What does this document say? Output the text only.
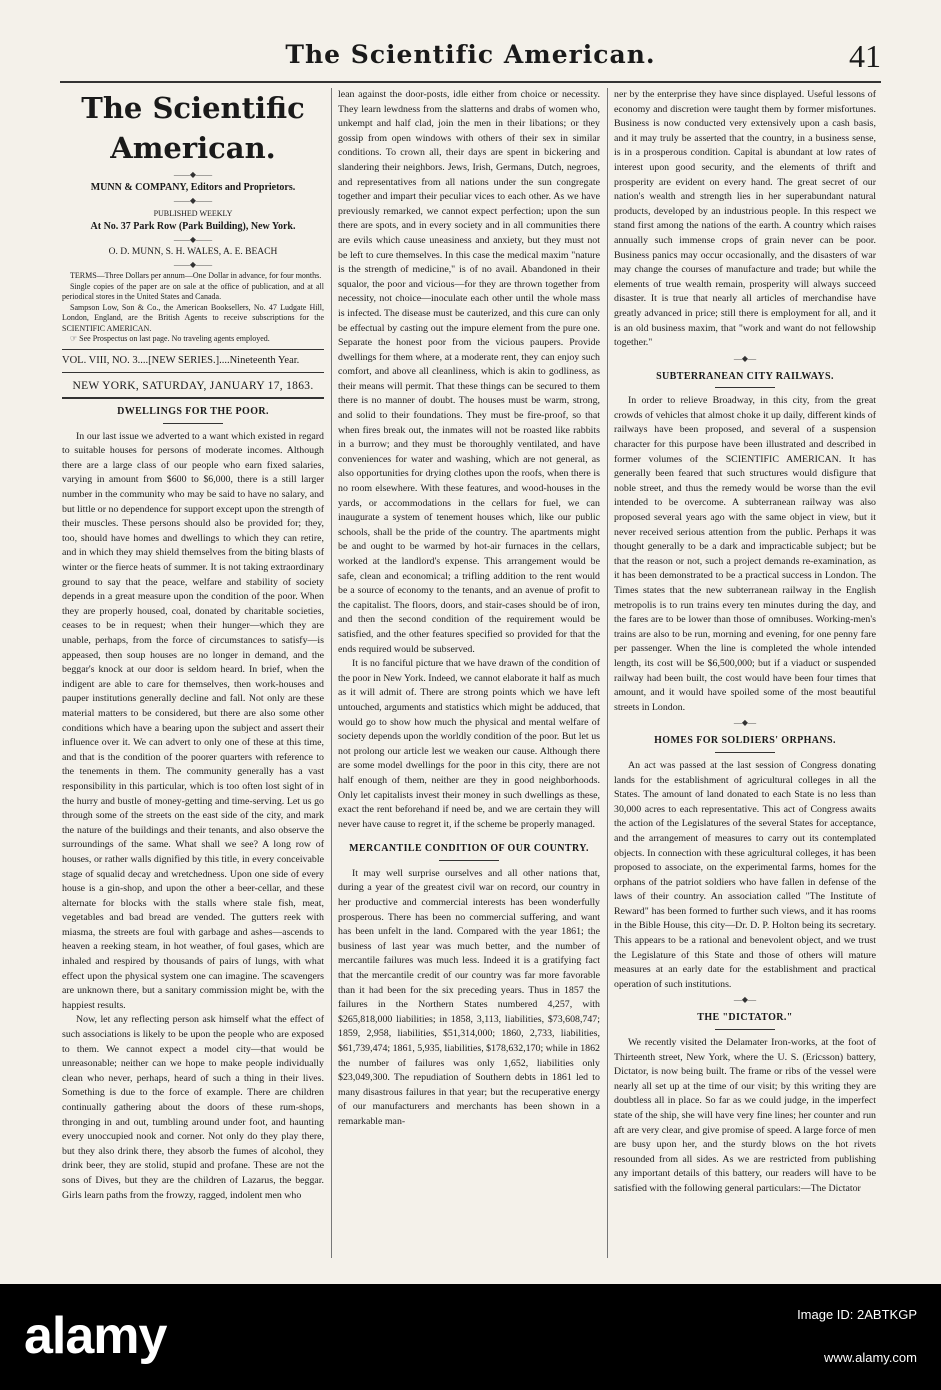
The Scientific American.	41
The Scientific American.
——◆——
MUNN & COMPANY, Editors and Proprietors.
——◆——
PUBLISHED WEEKLY
At No. 37 Park Row (Park Building), New York.
——◆——
O. D. MUNN, S. H. WALES, A. E. BEACH
——◆——

TERMS—Three Dollars per annum—One Dollar in advance, for four months.

Single copies of the paper are on sale at the office of publication, and at all periodical stores in the United States and Canada.

Sampson Low, Son & Co., the American Booksellers, No. 47 Ludgate Hill, London, England, are the British Agents to receive subscriptions for the SCIENTIFIC AMERICAN.

☞ See Prospectus on last page. No traveling agents employed.

VOL. VIII, NO. 3....[NEW SERIES.]....Nineteenth Year.
NEW YORK, SATURDAY, JANUARY 17, 1863.
DWELLINGS FOR THE POOR.

In our last issue we adverted to a want which existed in regard to suitable houses for persons of moderate incomes. Although there are a large class of our people who earn fixed salaries, varying in amount from $600 to $6,000, there is a still larger number in the community who may be said to have no salary, and but little or no dependence for support except upon the strength of their muscles. These persons should also be provided for; they, too, should have homes and dwellings to which they can retire, and in which they may shield themselves from the biting blasts of winter or the fierce heats of summer. It is not taking extraordinary ground to say that the peace, welfare and stability of society depends in a great measure upon the condition of the poor. When they are properly housed, coal, donated by charitable societies, ceases to be in request; when their hunger—which they are unable, perhaps, from the force of circumstances to satisfy—is appeased, then soup houses are no longer in demand, and the beggar's knock at our door is seldom heard. In brief, when the indigent are able to care for themselves, then work-houses and pauper institutions generally decline and fall. Not only are these material matters to be considered, but there are also some other conditions which have a bearing upon the subject and assert their influence over it. We can advert to only one of these at this time, and that is the condition of the poorer quarters with reference to the tenements in them. The community generally has a vast responsibility in this particular, which is too often lost sight of in the hurry and bustle of money-getting and time-serving. Let us go through some of the streets on the east side of the city, and mark the nature of the buildings and their tenants, and also observe the surroundings of the same. What shall we see? A long row of houses, or rather walls dignified by this title, in every conceivable stage of squalid decay and wretchedness. Upon one side of every house is a gin-shop, and upon the other a beer-cellar, and these alternate for blocks with the stalls where stale fish, meat, vegetables and bad bread are vended. The gutters reek with miasma, the streets are foul with garbage and ashes—ascends to heaven a reeking steam, in hot weather, of foul gases, which are inhaled and respired by thousands of pairs of lungs, with what effect upon the physical system one can imagine. The scavengers are unknown there, but a sanitary commission might be, with the happiest results.

Now, let any reflecting person ask himself what the effect of such associations is likely to be upon the people who are exposed to them. We cannot expect a model city—that would be unreasonable; neither can we hope to make people individually clean who never, perhaps, heard of such a thing in their lives. Something is due to the force of example. There are children continually gathering about the doors of these rum-shops, thronging in and out, tumbling around under foot, and haunting every unoccupied nook and corner. Not only do they play there, but they also drink there, they absorb the fumes of alcohol, they drink beer, they are stolid, stupid and profane. These are not the sons of Dives, but they are the children of Lazarus, the beggar. Girls learn paths from the frowzy, ragged, indolent men who

lean against the door-posts, idle either from choice or necessity. They learn lewdness from the slatterns and drabs of women who, unkempt and half clad, join the men in their libations; or they gossip from open windows with others of their sex in similar conditions. To crown all, their days are spent in bickering and slandering their neighbors. Jews, Irish, Germans, Dutch, negroes, and representatives from all nations under the sun congregate together and impart their peculiar vices to each other. As we have previously remarked, we cannot expect perfection; upon the sun there are spots, and in every society and in all communities there are evils which cause uneasiness and anxiety, but they must not be left to cure themselves. In this case the medical maxim "nature is the strength of medicine," is of no avail. Abandoned in their squalor, the poor and vicious—for they are thrown together from necessity, not choice—inoculate each other until the whole mass is infected. The disease must be cauterized, and this cure can only be effectual by casting out the impure element from the pure one. Separate the honest poor from the vicious paupers. Provide dwellings for them where, at a moderate rent, they can enjoy such comfort, and above all cleanliness, which is akin to godliness, as their means will permit. That these things can be secured to them there is no manner of doubt. The houses must be warm, strong, and solid to their foundations. They must be fire-proof, so that when fires break out, the inmates will not be roasted like rabbits in a burrow; and they must be thoroughly ventilated, and have conveniences for water and washing, which are not general, as also opportunities for drying clothes upon the roofs, when there is no room elsewhere. With these features, and wood-houses in the yards, or accommodations in the cellars for fuel, we can inaugurate a system of tenement houses which, like our public schools, shall be the pride of the country. The apartments might be and ought to be warmed by hot-air furnaces in the cellars, worked at the landlord's expense. This arrangement would be safe, clean and economical; a trifling addition to the rent would be a source of economy to the tenants, and an avenue of profit to the capitalist. The floors, doors, and stair-cases should be of iron, and then the second condition of the requirement would be satisfied, and the other features specified so provided for that the ends required would be subserved.

It is no fanciful picture that we have drawn of the condition of the poor in New York. Indeed, we cannot elaborate it half as much as it will admit of. There are strong points which we have left untouched, arguments and statistics which might be adduced, that would go to show how much the physical and mental welfare of society depends upon the worldly condition of the poor. But let us not prolong our article lest we weaken our cause. Although there are some model dwellings for the poor in this city, there are not half enough of them, neither are they in good neighborhoods. Only let capitalists invest their money in such dwellings as these, exact the rent beforehand if need be, and we are certain they will never have cause to regret it, if the scheme be properly managed.

MERCANTILE CONDITION OF OUR COUNTRY.

It may well surprise ourselves and all other nations that, during a year of the greatest civil war on record, our country in her productive and commercial interests has been wonderfully prosperous. There has been no commercial suffering, and want has been unfelt in the land. Compared with the year 1861; the business of last year was much better, and the number of mercantile failures was much less. Indeed it is a gratifying fact that the mercantile credit of our country was far more favorable than it had been for the six preceding years. Thus in 1857 the failures in the Northern States numbered 4,257, with $265,818,000 liabilities; in 1858, 3,113, liabilities, $73,608,747; 1859, 2,958, liabilities, $51,314,000; 1860, 2,733, liabilities, $61,739,474; 1861, 5,935, liabilities, $178,632,170; while in 1862 the number of failures was only 1,652, liabilities only $23,049,300. The repudiation of Southern debts in 1861 led to many disastrous failures in that year; but the recuperative energy of our manufacturers and merchants has been shown in a remarkable man-

ner by the enterprise they have since displayed. Useful lessons of economy and discretion were taught them by former misfortunes. Business is now conducted very extensively upon a cash basis, and it may truly be asserted that the country, in a business sense, is in a prosperous condition. Capital is abundant at low rates of interest upon good security, and the elements of thrift and prosperity are evident on every hand. The great secret of our nation's wealth and strength lies in her superabundant natural products, developed by an industrious people. In this respect we stand first among the nations of the earth. A country which raises annually such immense crops of grain never can be poor. Business panics may occur occasionally, and the disasters of war may change the courses of manufacture and trade; but while the elements of true wealth remain, prosperity will always succeed disaster. It is true that nearly all articles of merchandise have greatly advanced in price; still there is employment for all, and it is an old business maxim, that "work and want do not fellowship together."

—◆—
SUBTERRANEAN CITY RAILWAYS.

In order to relieve Broadway, in this city, from the great crowds of vehicles that almost choke it up daily, different kinds of railways have been proposed, and several of a suspension character for this purpose have been illustrated and described in former volumes of the SCIENTIFIC AMERICAN. It has generally been feared that such structures would disfigure that noble street, and thus the remedy would be worse than the evil intended to be overcome. A subterranean railway was also proposed several years ago with the same object in view, but it never received serious attention from the public. Perhaps it was thought generally to be a dark and impracticable subject; but be that the reason or not, such a project demands re-examination, as it has been demonstrated to be a practical success in London. The Times states that the new subterranean railway in the English metropolis is to run trains every ten minutes during the day, and the fares are to be lower than those of omnibuses. Working-men's trains are also to be run, morning and evening, for one penny fare per passenger. When the line is completed the whole intended length, its cost will be $6,500,000; but if a viaduct or suspended railway had been built, the cost would have been four times that amount, and it would have spoiled some of the most beautiful streets in London.

—◆—
HOMES FOR SOLDIERS' ORPHANS.

An act was passed at the last session of Congress donating lands for the establishment of agricultural colleges in all the States. The amount of land donated to each State is no less than 30,000 acres to each representative. This act of Congress awaits the action of the Legislatures of the several States for acceptance, and the arrangement of measures to carry out its contemplated objects. In connection with these agricultural colleges, it has been proposed to associate, on the experimental farms, homes for the orphans of the patriot soldiers who have fallen in defense of the laws of their country. An association called "The Institute of Reward" has been formed to further such views, and it has rooms in the Bible House, this city—Dr. D. P. Holton being its secretary. This appears to be a rational and benevolent object, and we trust the Legislature of this State and those of others will mature measures at an early date for the establishment and practical operation of such institutions.

—◆—
THE "DICTATOR."

We recently visited the Delamater Iron-works, at the foot of Thirteenth street, New York, where the U. S. (Ericsson) battery, Dictator, is now being built. The frame or ribs of the vessel were nearly all set up at the time of our visit; by this writing they are doubtless all in place. So far as we could judge, in the imperfect state of the ship, she will have very fine lines; her counter and run aft are very clear, and give promise of speed. A large force of men are busy upon her, and the sturdy blows on the hot rivets resounded from all sides. As we are restricted from publishing any important details of this battery, our readers will have to be satisfied with the following general particulars:—The Dictator

alamy	Image ID: 2ABTKGP
www.alamy.com
